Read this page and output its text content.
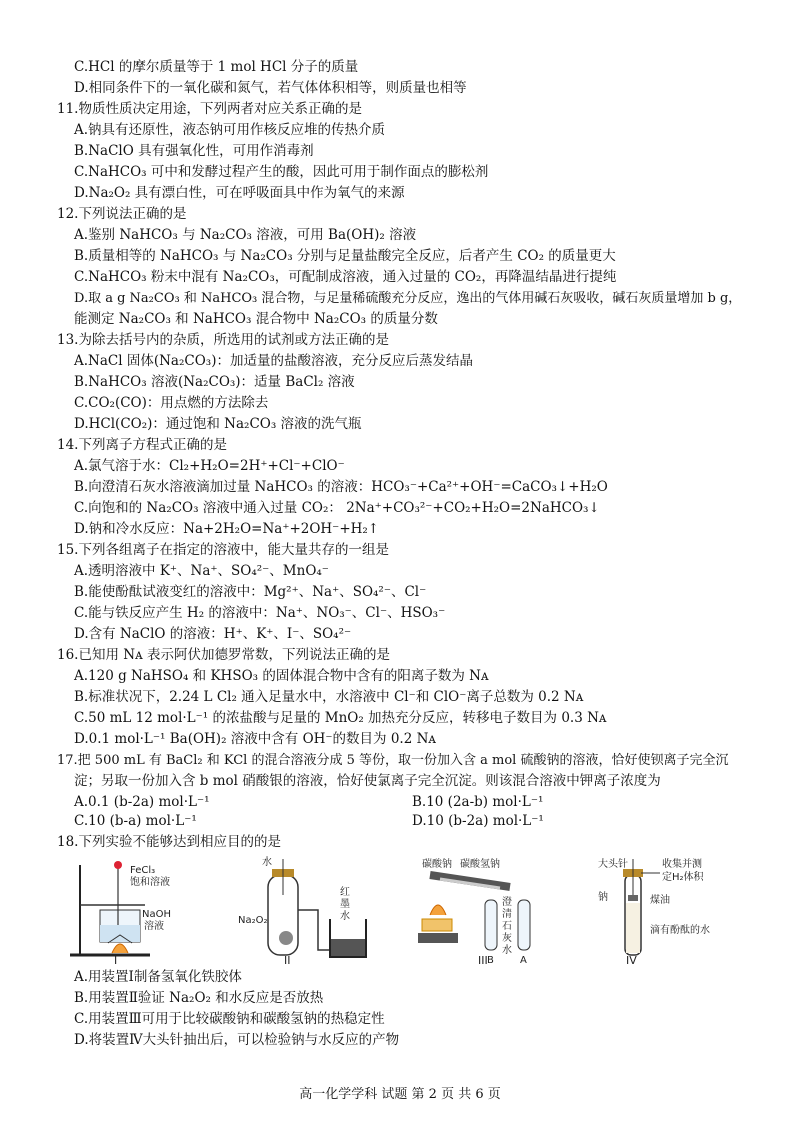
C.HCl 的摩尔质量等于 1 mol HCl 分子的质量
D.相同条件下的一氧化碳和氮气，若气体体积相等，则质量也相等
11.物质性质决定用途，下列两者对应关系正确的是
A.钠具有还原性，液态钠可用作核反应堆的传热介质
B.NaClO 具有强氧化性，可用作消毒剂
C.NaHCO₃ 可中和发酵过程产生的酸，因此可用于制作面点的膨松剂
D.Na₂O₂ 具有漂白性，可在呼吸面具中作为氧气的来源
12.下列说法正确的是
A.鉴别 NaHCO₃ 与 Na₂CO₃ 溶液，可用 Ba(OH)₂ 溶液
B.质量相等的 NaHCO₃ 与 Na₂CO₃ 分别与足量盐酸完全反应，后者产生 CO₂ 的质量更大
C.NaHCO₃ 粉末中混有 Na₂CO₃，可配制成溶液，通入过量的 CO₂，再降温结晶进行提纯
D.取 a g Na₂CO₃ 和 NaHCO₃ 混合物，与足量稀硫酸充分反应，逸出的气体用碱石灰吸收，碱石灰质量增加 b g，
能测定 Na₂CO₃ 和 NaHCO₃ 混合物中 Na₂CO₃ 的质量分数
13.为除去括号内的杂质，所选用的试剂或方法正确的是
A.NaCl 固体(Na₂CO₃)：加适量的盐酸溶液，充分反应后蒸发结晶
B.NaHCO₃ 溶液(Na₂CO₃)：适量 BaCl₂ 溶液
C.CO₂(CO)：用点燃的方法除去
D.HCl(CO₂)：通过饱和 Na₂CO₃ 溶液的洗气瓶
14.下列离子方程式正确的是
A.氯气溶于水：Cl₂+H₂O=2H⁺+Cl⁻+ClO⁻
B.向澄清石灰水溶液滴加过量 NaHCO₃ 的溶液：HCO₃⁻+Ca²⁺+OH⁻=CaCO₃↓+H₂O
C.向饱和的 Na₂CO₃ 溶液中通入过量 CO₂： 2Na⁺+CO₃²⁻+CO₂+H₂O=2NaHCO₃↓
D.钠和冷水反应：Na+2H₂O=Na⁺+2OH⁻+H₂↑
15.下列各组离子在指定的溶液中，能大量共存的一组是
A.透明溶液中 K⁺、Na⁺、SO₄²⁻、MnO₄⁻
B.能使酚酞试液变红的溶液中：Mg²⁺、Na⁺、SO₄²⁻、Cl⁻
C.能与铁反应产生 H₂ 的溶液中：Na⁺、NO₃⁻、Cl⁻、HSO₃⁻
D.含有 NaClO 的溶液：H⁺、K⁺、I⁻、SO₄²⁻
16.已知用 Nᴀ 表示阿伏加德罗常数，下列说法正确的是
A.120 g NaHSO₄ 和 KHSO₃ 的固体混合物中含有的阳离子数为 Nᴀ
B.标准状况下，2.24 L Cl₂ 通入足量水中，水溶液中 Cl⁻和 ClO⁻离子总数为 0.2 Nᴀ
C.50 mL 12 mol·L⁻¹ 的浓盐酸与足量的 MnO₂ 加热充分反应，转移电子数目为 0.3 Nᴀ
D.0.1 mol·L⁻¹ Ba(OH)₂ 溶液中含有 OH⁻的数目为 0.2 Nᴀ
17.把 500 mL 有 BaCl₂ 和 KCl 的混合溶液分成 5 等份，取一份加入含 a mol 硫酸钠的溶液，恰好使钡离子完全沉
淀；另取一份加入含 b mol 硝酸银的溶液，恰好使氯离子完全沉淀。则该混合溶液中钾离子浓度为
A.0.1 (b-2a) mol·L⁻¹	B.10 (2a-b) mol·L⁻¹
C.10 (b-a) mol·L⁻¹	D.10 (b-2a) mol·L⁻¹
18.下列实验不能够达到相应目的的是
FeCl₃
饱和溶液
NaOH
溶液
水
Na₂O₂
红
墨
水
碳酸钠 碳酸氢钠
澄
清
石
灰
水
B	A
大头针	收集并测
定H₂体积
钠	煤油
滴有酚酞的水
I	II	III	IV
A.用装置Ⅰ制备氢氧化铁胶体
B.用装置Ⅱ验证 Na₂O₂ 和水反应是否放热
C.用装置Ⅲ可用于比较碳酸钠和碳酸氢钠的热稳定性
D.将装置Ⅳ大头针抽出后，可以检验钠与水反应的产物
高一化学学科 试题 第 2 页 共 6 页
